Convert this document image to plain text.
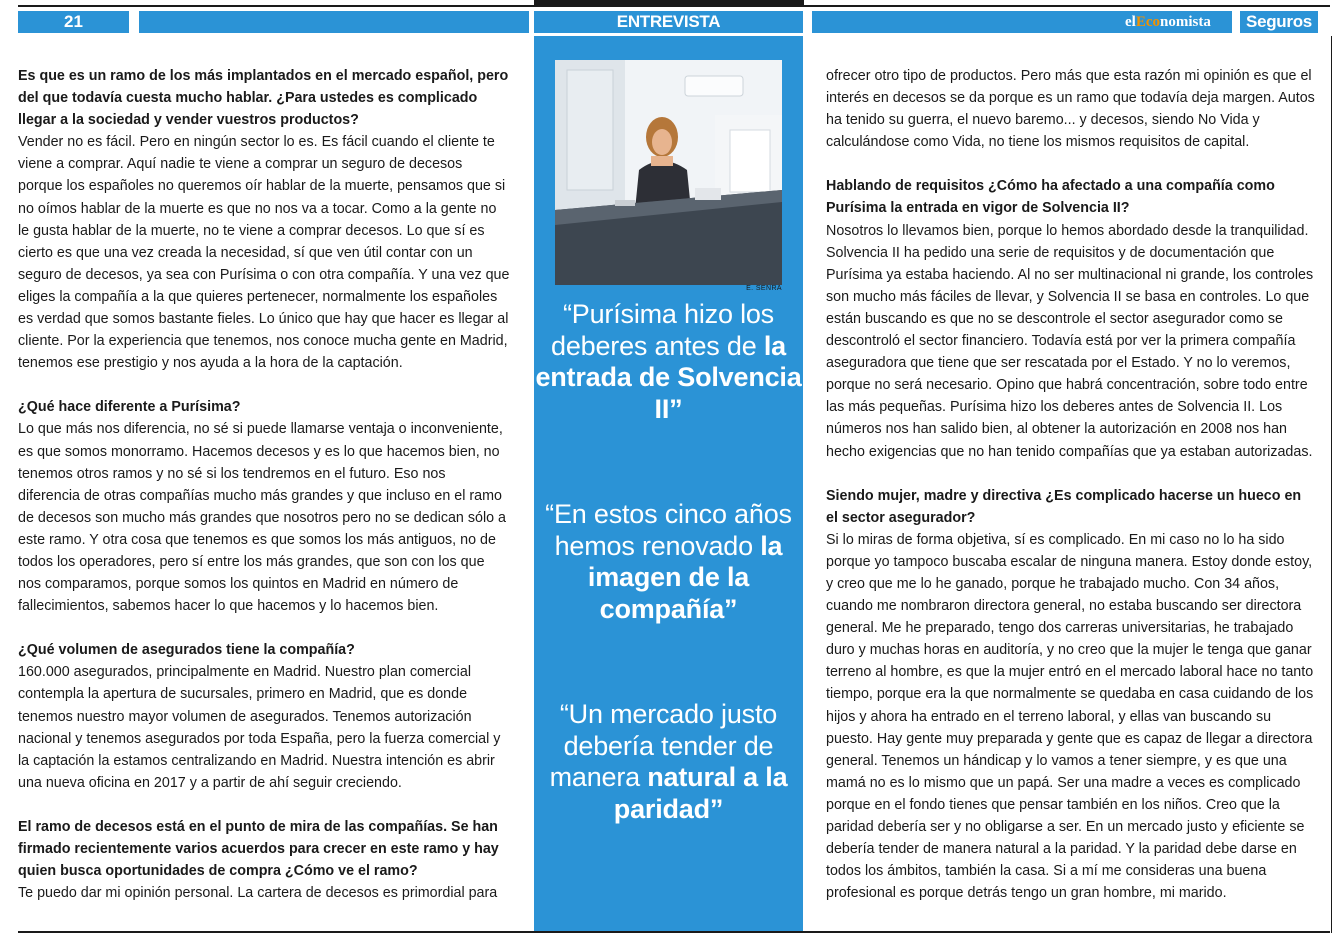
21	ENTREVISTA	elEconomista	Seguros

Es que es un ramo de los más implantados en el mercado español, pero del que todavía cuesta mucho hablar. ¿Para ustedes es complicado llegar a la sociedad y vender vuestros productos?

Vender no es fácil. Pero en ningún sector lo es. Es fácil cuando el cliente te viene a comprar. Aquí nadie te viene a comprar un seguro de decesos porque los españoles no queremos oír hablar de la muerte, pensamos que si no oímos hablar de la muerte es que no nos va a tocar. Como a la gente no le gusta hablar de la muerte, no te viene a comprar decesos. Lo que sí es cierto es que una vez creada la necesidad, sí que ven útil contar con un seguro de decesos, ya sea con Purísima o con otra compañía. Y una vez que eliges la compañía a la que quieres pertenecer, normalmente los españoles es verdad que somos bastante fieles. Lo único que hay que hacer es llegar al cliente. Por la experiencia que tenemos, nos conoce mucha gente en Madrid, tenemos ese prestigio y nos ayuda a la hora de la captación.

¿Qué hace diferente a Purísima?

Lo que más nos diferencia, no sé si puede llamarse ventaja o inconveniente, es que somos monorramo. Hacemos decesos y es lo que hacemos bien, no tenemos otros ramos y no sé si los tendremos en el futuro. Eso nos diferencia de otras compañías mucho más grandes y que incluso en el ramo de decesos son mucho más grandes que nosotros pero no se dedican sólo a este ramo. Y otra cosa que tenemos es que somos los más antiguos, no de todos los operadores, pero sí entre los más grandes, que son con los que nos comparamos, porque somos los quintos en Madrid en número de fallecimientos, sabemos hacer lo que hacemos y lo hacemos bien.

¿Qué volumen de asegurados tiene la compañía?

160.000 asegurados, principalmente en Madrid. Nuestro plan comercial contempla la apertura de sucursales, primero en Madrid, que es donde tenemos nuestro mayor volumen de asegurados. Tenemos autorización nacional y tenemos asegurados por toda España, pero la fuerza comercial y la captación la estamos centralizando en Madrid. Nuestra intención es abrir una nueva oficina en 2017 y a partir de ahí seguir creciendo.

El ramo de decesos está en el punto de mira de las compañías. Se han firmado recientemente varios acuerdos para crecer en este ramo y hay quien busca oportunidades de compra ¿Cómo ve el ramo?

Te puedo dar mi opinión personal. La cartera de decesos es primordial para

E. SENRA
“Purísima hizo los deberes antes de la entrada de Solvencia II”
“En estos cinco años hemos renovado la imagen de la compañía”
“Un mercado justo debería tender de manera natural a la paridad”

ofrecer otro tipo de productos. Pero más que esta razón mi opinión es que el interés en decesos se da porque es un ramo que todavía deja margen. Autos ha tenido su guerra, el nuevo baremo... y decesos, siendo No Vida y calculándose como Vida, no tiene los mismos requisitos de capital.

Hablando de requisitos ¿Cómo ha afectado a una compañía como Purísima la entrada en vigor de Solvencia II?

Nosotros lo llevamos bien, porque lo hemos abordado desde la tranquilidad. Solvencia II ha pedido una serie de requisitos y de documentación que Purísima ya estaba haciendo. Al no ser multinacional ni grande, los controles son mucho más fáciles de llevar, y Solvencia II se basa en controles. Lo que están buscando es que no se descontrole el sector asegurador como se descontroló el sector financiero. Todavía está por ver la primera compañía aseguradora que tiene que ser rescatada por el Estado. Y no lo veremos, porque no será necesario. Opino que habrá concentración, sobre todo entre las más pequeñas. Purísima hizo los deberes antes de Solvencia II. Los números nos han salido bien, al obtener la autorización en 2008 nos han hecho exigencias que no han tenido compañías que ya estaban autorizadas.

Siendo mujer, madre y directiva ¿Es complicado hacerse un hueco en el sector asegurador?

Si lo miras de forma objetiva, sí es complicado. En mi caso no lo ha sido porque yo tampoco buscaba escalar de ninguna manera. Estoy donde estoy, y creo que me lo he ganado, porque he trabajado mucho. Con 34 años, cuando me nombraron directora general, no estaba buscando ser directora general. Me he preparado, tengo dos carreras universitarias, he trabajado duro y muchas horas en auditoría, y no creo que la mujer le tenga que ganar terreno al hombre, es que la mujer entró en el mercado laboral hace no tanto tiempo, porque era la que normalmente se quedaba en casa cuidando de los hijos y ahora ha entrado en el terreno laboral, y ellas van buscando su puesto. Hay gente muy preparada y gente que es capaz de llegar a directora general. Tenemos un hándicap y lo vamos a tener siempre, y es que una mamá no es lo mismo que un papá. Ser una madre a veces es complicado porque en el fondo tienes que pensar también en los niños. Creo que la paridad debería ser y no obligarse a ser. En un mercado justo y eficiente se debería tender de manera natural a la paridad. Y la paridad debe darse en todos los ámbitos, también la casa. Si a mí me consideras una buena profesional es porque detrás tengo un gran hombre, mi marido.
